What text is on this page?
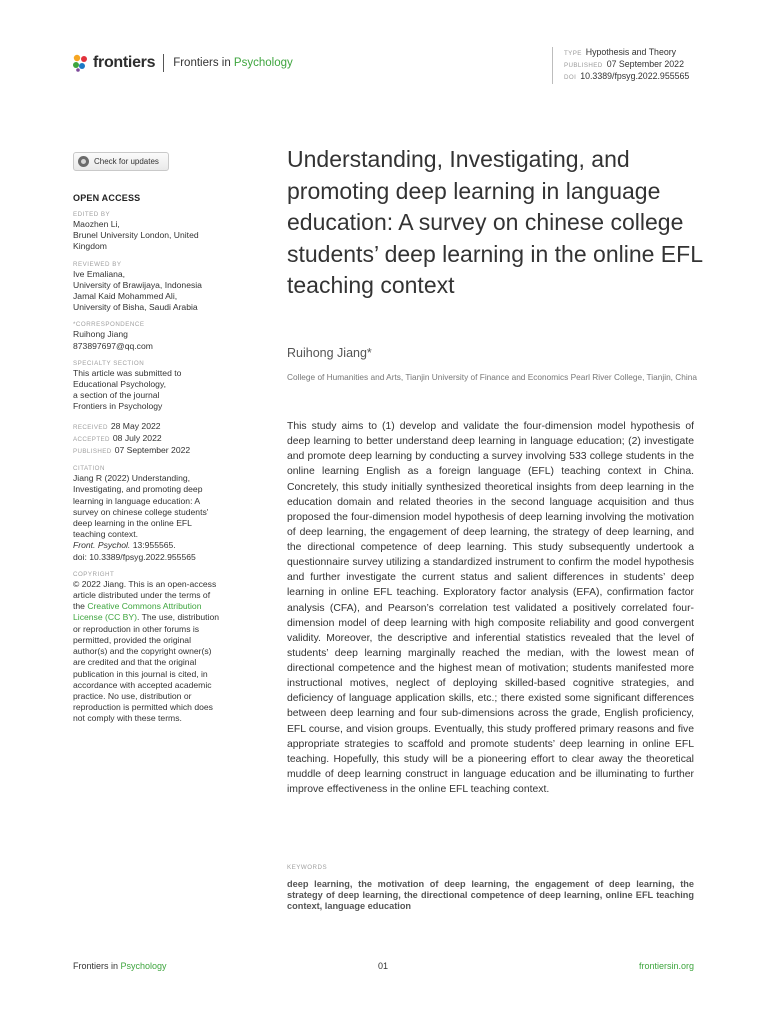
frontiers Frontiers in Psychology
TYPE Hypothesis and Theory
PUBLISHED 07 September 2022
DOI 10.3389/fpsyg.2022.955565
Check for updates
OPEN ACCESS
EDITED BY
Maozhen Li,
Brunel University London, United
Kingdom
REVIEWED BY
Ive Emaliana,
University of Brawijaya, Indonesia
Jamal Kaid Mohammed Ali,
University of Bisha, Saudi Arabia
*CORRESPONDENCE
Ruihong Jiang
873897697@qq.com
SPECIALTY SECTION
This article was submitted to
Educational Psychology,
a section of the journal
Frontiers in Psychology
RECEIVED 28 May 2022
ACCEPTED 08 July 2022
PUBLISHED 07 September 2022
CITATION
Jiang R (2022) Understanding,
Investigating, and promoting deep
learning in language education: A
survey on chinese college students'
deep learning in the online EFL
teaching context.
Front. Psychol. 13:955565.
doi: 10.3389/fpsyg.2022.955565
COPYRIGHT
© 2022 Jiang. This is an open-access
article distributed under the terms of
the Creative Commons Attribution
License (CC BY). The use, distribution
or reproduction in other forums is
permitted, provided the original
author(s) and the copyright owner(s)
are credited and that the original
publication in this journal is cited, in
accordance with accepted academic
practice. No use, distribution or
reproduction is permitted which does
not comply with these terms.
Understanding, Investigating, and promoting deep learning in language education: A survey on chinese college students’ deep learning in the online EFL teaching context
Ruihong Jiang*
College of Humanities and Arts, Tianjin University of Finance and Economics Pearl River College, Tianjin, China

This study aims to (1) develop and validate the four-dimension model hypothesis of deep learning to better understand deep learning in language education; (2) investigate and promote deep learning by conducting a survey involving 533 college students in the online learning English as a foreign language (EFL) teaching context in China. Concretely, this study initially synthesized theoretical insights from deep learning in the education domain and related theories in the second language acquisition and thus proposed the four-dimension model hypothesis of deep learning involving the motivation of deep learning, the engagement of deep learning, the strategy of deep learning, and the directional competence of deep learning. This study subsequently undertook a questionnaire survey utilizing a standardized instrument to confirm the model hypothesis and further investigate the current status and salient differences in students’ deep learning in online EFL teaching. Exploratory factor analysis (EFA), confirmation factor analysis (CFA), and Pearson’s correlation test validated a positively correlated four-dimension model of deep learning with high composite reliability and good convergent validity. Moreover, the descriptive and inferential statistics revealed that the level of students’ deep learning marginally reached the median, with the lowest mean of directional competence and the highest mean of motivation; students manifested more instructional motives, neglect of deploying skilled-based cognitive strategies, and deficiency of language application skills, etc.; there existed some significant differences between deep learning and four sub-dimensions across the grade, English proficiency, EFL course, and vision groups. Eventually, this study proffered primary reasons and five appropriate strategies to scaffold and promote students’ deep learning in online EFL teaching. Hopefully, this study will be a pioneering effort to clear away the theoretical muddle of deep learning construct in language education and be illuminating to further improve effectiveness in the online EFL teaching context.

KEYWORDS

deep learning, the motivation of deep learning, the engagement of deep learning, the strategy of deep learning, the directional competence of deep learning, online EFL teaching context, language education

Frontiers in Psychology	01	frontiersin.org
